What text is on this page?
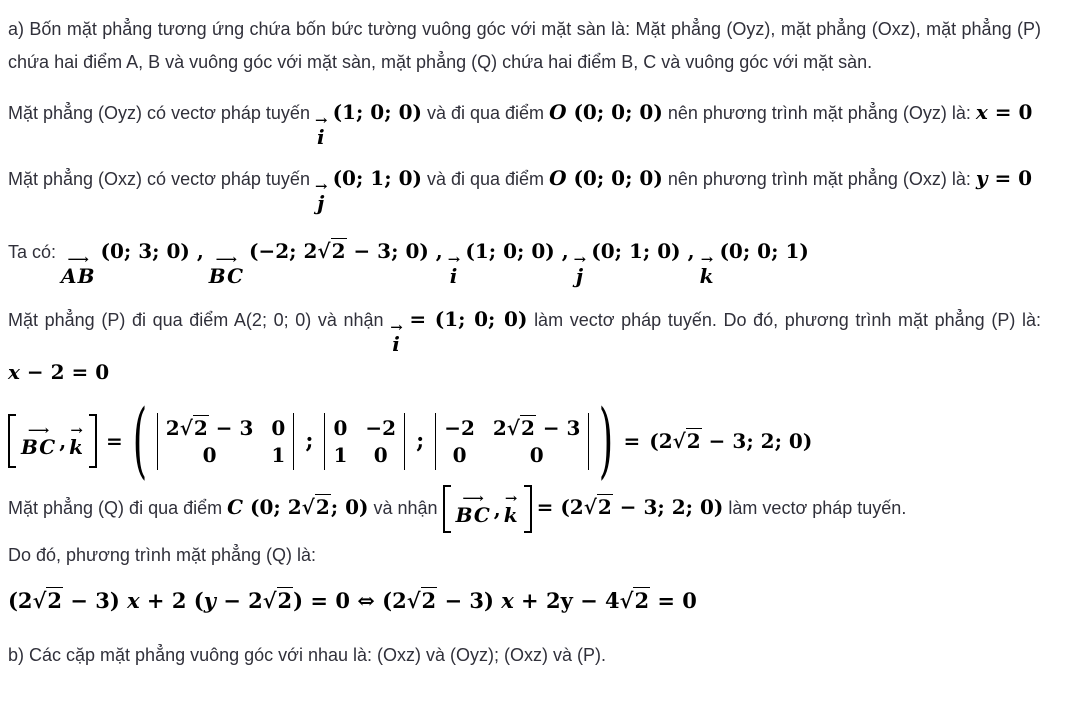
a) Bốn mặt phẳng tương ứng chứa bốn bức tường vuông góc với mặt sàn là: Mặt phẳng (Oyz), mặt phẳng (Oxz), mặt phẳng (P) chứa hai điểm A, B và vuông góc với mặt sàn, mặt phẳng (Q) chứa hai điểm B, C và vuông góc với mặt sàn.

Mặt phẳng (Oyz) có vectơ pháp tuyến →
i
(1; 0; 0) và đi qua điểm O (0; 0; 0) nên phương trình mặt phẳng (Oyz) là: x = 0

Mặt phẳng (Oxz) có vectơ pháp tuyến →
j
(0; 1; 0) và đi qua điểm O (0; 0; 0) nên phương trình mặt phẳng (Oxz) là: y = 0

Ta có: ⟶
AB
(0; 3; 0) , ⟶
BC
(−2; 2√2 − 3; 0) , →
i
(1; 0; 0) , →
j
(0; 1; 0) , →
k
(0; 0; 1)

Mặt phẳng (P) đi qua điểm A(2; 0; 0) và nhận →
i
= (1; 0; 0) làm vectơ pháp tuyến. Do đó, phương trình mặt phẳng (P) là: x − 2 = 0

⟶
BC , →
k = ( 2√2 − 3 0
0	1
;
0 −2
1	0
;
−2 2√2 − 3
0	0 ) = (2√2 − 3; 2; 0)

Mặt phẳng (Q) đi qua điểm C (0; 2√2; 0) và nhận
⟶
BC , →
k = (2√2 − 3; 2; 0) làm vectơ pháp tuyến.

Do đó, phương trình mặt phẳng (Q) là:

(2√2 − 3) x + 2 (y − 2√2) = 0 ⇔ (2√2 − 3) x + 2y − 4√2 = 0

b) Các cặp mặt phẳng vuông góc với nhau là: (Oxz) và (Oyz); (Oxz) và (P).
